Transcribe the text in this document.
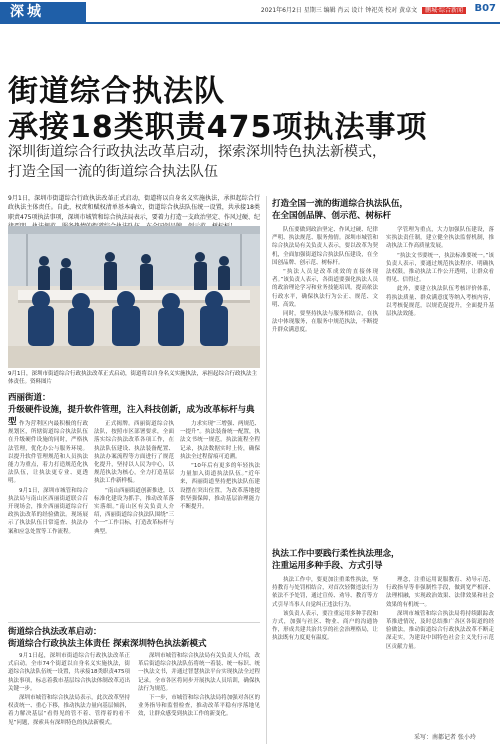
深城	2021年6月2日 星期三 编辑 肖云 设计 钟祀英 校对 黄卓文 鹏城·综合新闻	B07
街道综合执法队
承接18类职责475项执法事项
深圳街道综合行政执法改革启动，探索深圳特色执法新模式，
打造全国一流的街道综合执法队伍
9月1日，深圳市街道综合行政执法改革正式启动，街道将以自身名义实施执法，承担起综合行政执法主体责任。自此，权责和赋权清单基本确立，街道综合执法队伍统一设置，共承接18类职责475项执法事项，深圳市城管和综合执法局表示，要着力打造一支政治坚定、作风过硬、纪
9月1日，深圳市街道综合行政执法改革正式启动，街道将以自身名义实施执法，承担起综合行政执法主体责任。资料图片
西丽街道：
升级硬件设施，提升软件管理，注入科技创新，成为改革标杆与典型 作为营利区内最积极的行政规划区，所辖街道综合执法队伍在升级硬件设施的同时，严格执法管理，优化办公与服务环境。以提升软件管理规范和人员执法能力为重点，着力打造规范化执法队伍，让执法更专业、更透明。

9月1日，深圳市城管和综合执法局与南山区西丽街道联合召开现场会，推介西丽街道综合行政执法改革的经验做法。现场展示了执法队伍日常巡查、执法办案和应急处置等工作流程。

正式揭牌。西丽街道综合执法队，按照市区部署要求，全面落实综合执法改革各项工作，在执法队伍建设、执法装备配置、执法办案流程等方面进行了规范化提升，坚持以人民为中心，以规范执法为核心，全力打造基层执法工作新样板。

“南山西丽街道创新推进，以标准化建设为抓手，推动改革落实落细。”南山区有关负责人介绍，西丽街道综合执法队围绕“三个一”工作目标，打造改革标杆与典型。

力求实现“三增强、两规范、一提升”。执法装备统一配置，执法文书统一规范，执法流程全程记录，执法数据实时上传，确保执法全过程留痕可追溯。

“10年后有更多的年轻执法力量加入街道执法队伍。”近年来，西丽街道坚持把执法队伍建设摆在突出位置，为改革落地提供坚强保障，推动基层治理能力不断提升。

街道综合执法改革启动：
街道综合行政执法主体责任 探索深圳特色执法新模式

9月1日起，深圳市街道综合行政执法改革正式启动。全市74个街道以自身名义实施执法，街道综合执法队伍统一设置，共承接18类职责475项执法事项，标志着我市基层综合执法体制改革迈出关键一步。

深圳市城管和综合执法局表示，此次改革坚持权责统一、重心下移，推动执法力量向基层倾斜，着力解决基层“看得见的管不着、管得着的看不见”问题，探索具有深圳特色的执法新模式。

深圳市城管和综合执法局有关负责人介绍，改革后街道综合执法队伍将统一着装、统一标识、统一执法文书，并通过智慧执法平台实现执法全过程记录。全市各区将同步开展执法人员培训，确保执法行为规范。

下一步，市城管和综合执法局将加强对各区的业务指导和监督检查，推动改革平稳有序落地见效，让群众感受到执法工作的新变化。

打造全国一流的街道综合执法队伍，
在全国创品牌、创示范、树标杆

队伍要做到政治坚定、作风过硬、纪律严明、执法规范、服务热情。深圳市城管和综合执法局有关负责人表示，要以改革为契机，全面加强街道综合执法队伍建设，在全国创品牌、创示范、树标杆。

“执法人员是改革成效的直接体现者。”该负责人表示，各街道要强化执法人员的政治理论学习和业务技能培训，提高依法行政水平，确保执法行为公正、规范、文明、高效。

同时，要坚持执法与服务相结合，在执法中体现服务，在服务中规范执法，不断提升群众满意度。

学管理为重点，大力加强队伍建设，落实执法责任制，建立健全执法监督机制，推动执法工作高质量发展。

“执法文书要统一，执法标准要统一。”该负责人表示，要通过规范执法程序、明确执法权限，推动执法工作公开透明，让群众看得见、信得过。

此外，要建立执法队伍考核评价体系，将执法质量、群众满意度等纳入考核内容，以考核促规范，以规范促提升，全面提升基层执法效能。

执法工作中要践行柔性执法理念，
注重运用多种手段、方式引导

执法工作中，要更加注重柔性执法，坚持教育与处罚相结合，对首次轻微违法行为依法不予处罚，通过宣传、劝导、教育等方式引导当事人自觉纠正违法行为。

该负责人表示，要注重运用多种手段和方式，加强与社区、物业、商户的沟通协作，形成共建共治共享的社会治理格局，让执法既有力度更有温度。

理念，注重运用说服教育、劝导示范、行政指导等非强制性手段，做到宽严相济、法理相融，实现政治效果、法律效果和社会效果的有机统一。

深圳市城管和综合执法局将持续跟踪改革推进情况，及时总结推广各区各街道的经验做法，推动街道综合行政执法改革不断走深走实，为建设中国特色社会主义先行示范区贡献力量。

采写：南都记者 张小玲
